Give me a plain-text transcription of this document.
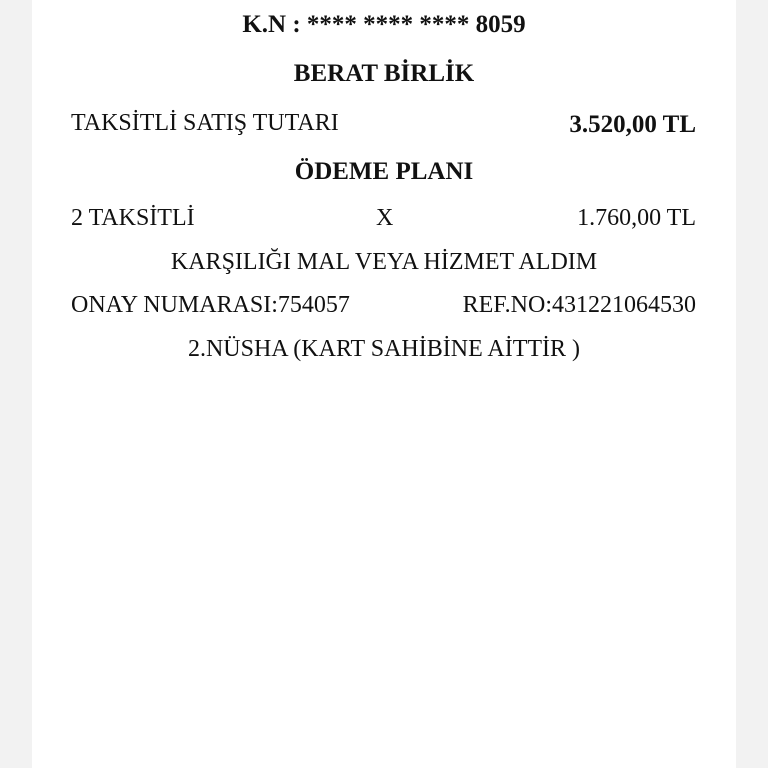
K.N : **** **** **** 8059
BERAT BİRLİK
TAKSİTLİ SATIŞ TUTARI	3.520,00 TL
ÖDEME PLANI
2 TAKSİTLİ	X	1.760,00 TL
KARŞILIĞI MAL VEYA HİZMET ALDIM
ONAY NUMARASI:754057	REF.NO:431221064530
2.NÜSHA (KART SAHİBİNE AİTTİR )
